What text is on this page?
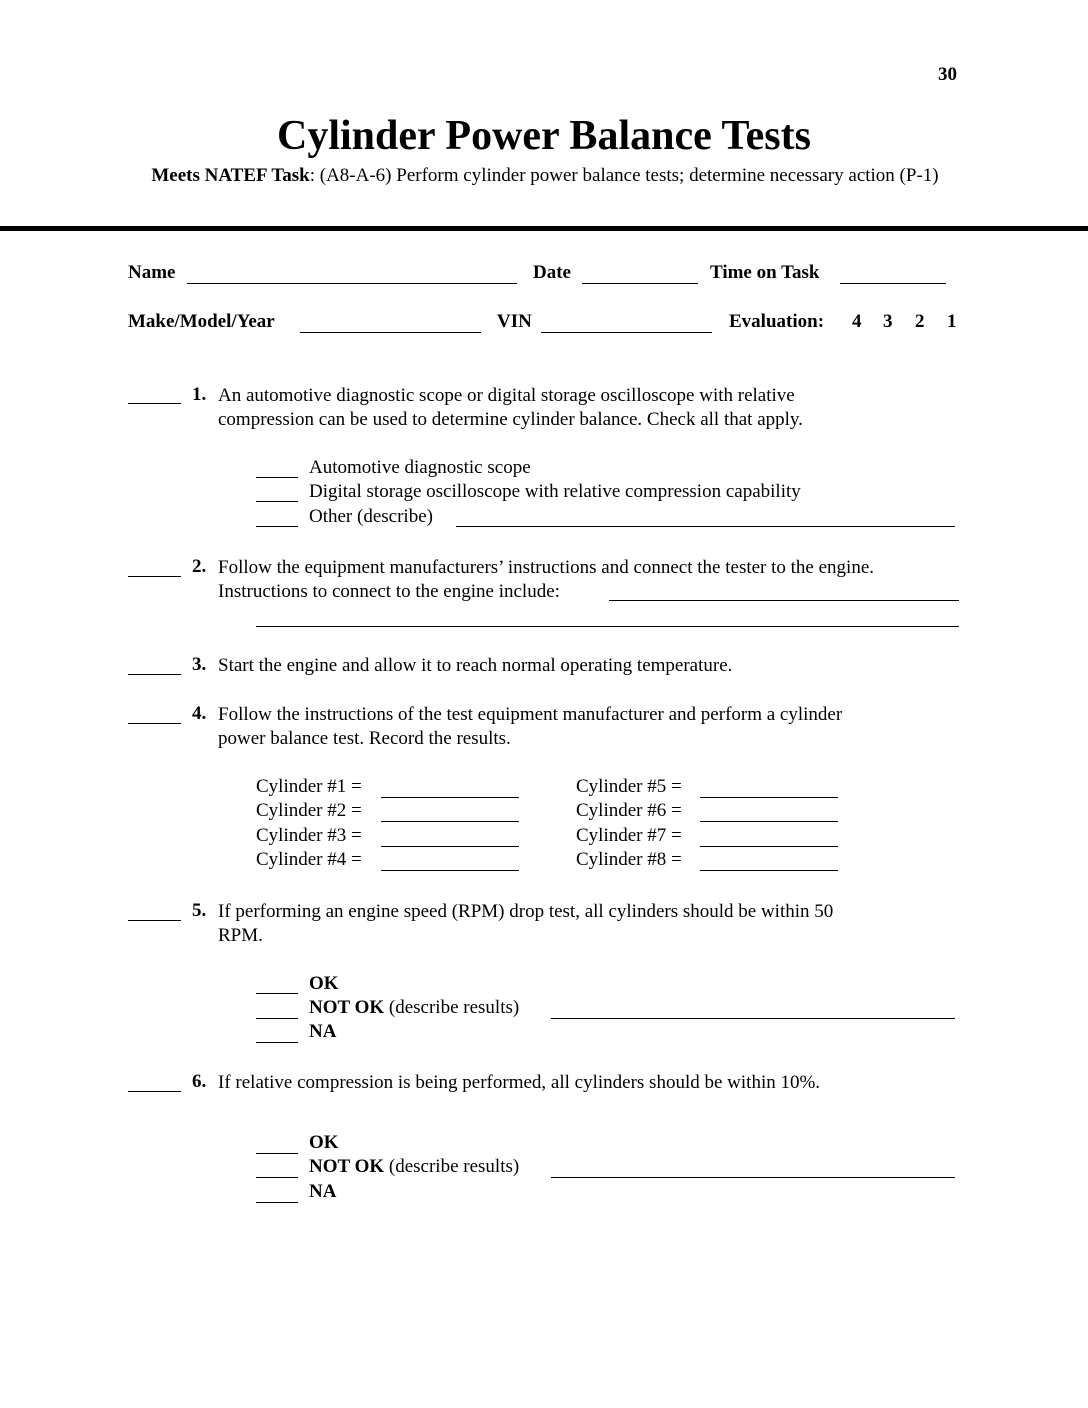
30
Cylinder Power Balance Tests
Meets NATEF Task: (A8-A-6) Perform cylinder power balance tests; determine necessary action (P-1)
Name	Date	Time on Task
Make/Model/Year	VIN	Evaluation: 4 3 2 1
1. An automotive diagnostic scope or digital storage oscilloscope with relative
compression can be used to determine cylinder balance. Check all that apply.
Automotive diagnostic scope
Digital storage oscilloscope with relative compression capability
Other (describe)
2. Follow the equipment manufacturers’ instructions and connect the tester to the engine.
Instructions to connect to the engine include:
3. Start the engine and allow it to reach normal operating temperature.
4. Follow the instructions of the test equipment manufacturer and perform a cylinder
power balance test. Record the results.
Cylinder #1 =
Cylinder #2 =
Cylinder #3 =
Cylinder #4 =
Cylinder #5 =
Cylinder #6 =
Cylinder #7 =
Cylinder #8 =
5. If performing an engine speed (RPM) drop test, all cylinders should be within 50
RPM.
OK
NOT OK (describe results)
NA
6. If relative compression is being performed, all cylinders should be within 10%.
OK
NOT OK (describe results)
NA
